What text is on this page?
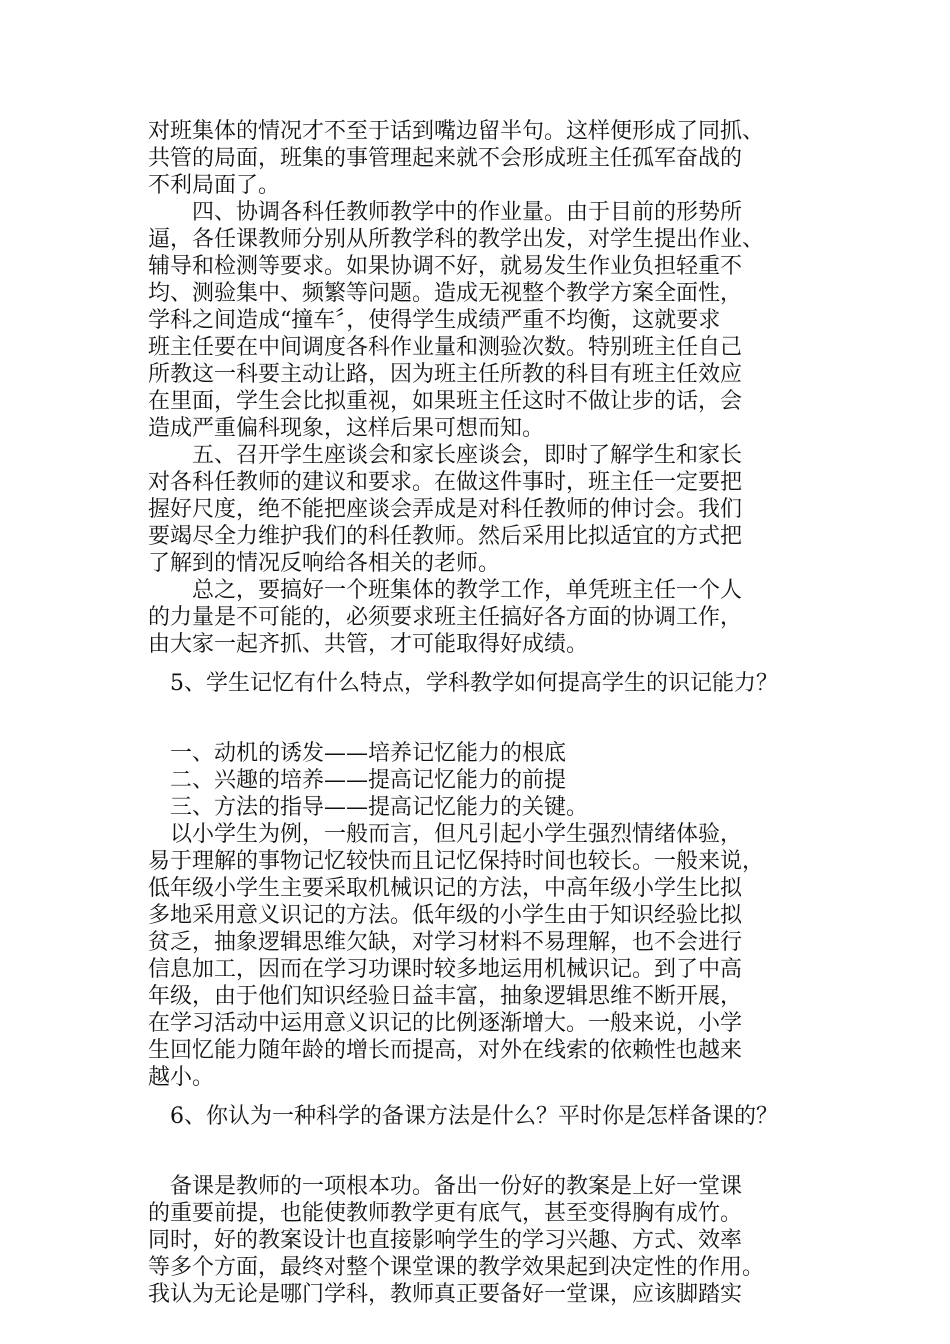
对班集体的情况才不至于话到嘴边留半句。这样便形成了同抓、
共管的局面，班集的事管理起来就不会形成班主任孤军奋战的
不利局面了。
四、协调各科任教师教学中的作业量。由于目前的形势所
逼，各任课教师分别从所教学科的教学出发，对学生提出作业、
辅导和检测等要求。如果协调不好，就易发生作业负担轻重不
均、测验集中、频繁等问题。造成无视整个教学方案全面性，
学科之间造成“撞车〞，使得学生成绩严重不均衡，这就要求
班主任要在中间调度各科作业量和测验次数。特别班主任自己
所教这一科要主动让路，因为班主任所教的科目有班主任效应
在里面，学生会比拟重视，如果班主任这时不做让步的话，会
造成严重偏科现象，这样后果可想而知。
五、召开学生座谈会和家长座谈会，即时了解学生和家长
对各科任教师的建议和要求。在做这件事时，班主任一定要把
握好尺度，绝不能把座谈会弄成是对科任教师的伸讨会。我们
要竭尽全力维护我们的科任教师。然后采用比拟适宜的方式把
了解到的情况反响给各相关的老师。
总之，要搞好一个班集体的教学工作，单凭班主任一个人
的力量是不可能的，必须要求班主任搞好各方面的协调工作，
由大家一起齐抓、共管，才可能取得好成绩。
5、学生记忆有什么特点，学科教学如何提高学生的识记能力？
一、动机的诱发——培养记忆能力的根底
二、兴趣的培养——提高记忆能力的前提
三、方法的指导——提高记忆能力的关键。
以小学生为例，一般而言，但凡引起小学生强烈情绪体验，
易于理解的事物记忆较快而且记忆保持时间也较长。一般来说，
低年级小学生主要采取机械识记的方法，中高年级小学生比拟
多地采用意义识记的方法。低年级的小学生由于知识经验比拟
贫乏，抽象逻辑思维欠缺，对学习材料不易理解，也不会进行
信息加工，因而在学习功课时较多地运用机械识记。到了中高
年级，由于他们知识经验日益丰富，抽象逻辑思维不断开展，
在学习活动中运用意义识记的比例逐渐增大。一般来说，小学
生回忆能力随年龄的增长而提高，对外在线索的依赖性也越来
越小。
6、你认为一种科学的备课方法是什么？平时你是怎样备课的？
备课是教师的一项根本功。备出一份好的教案是上好一堂课
的重要前提，也能使教师教学更有底气，甚至变得胸有成竹。
同时，好的教案设计也直接影响学生的学习兴趣、方式、效率
等多个方面，最终对整个课堂课的教学效果起到决定性的作用。
我认为无论是哪门学科，教师真正要备好一堂课，应该脚踏实
